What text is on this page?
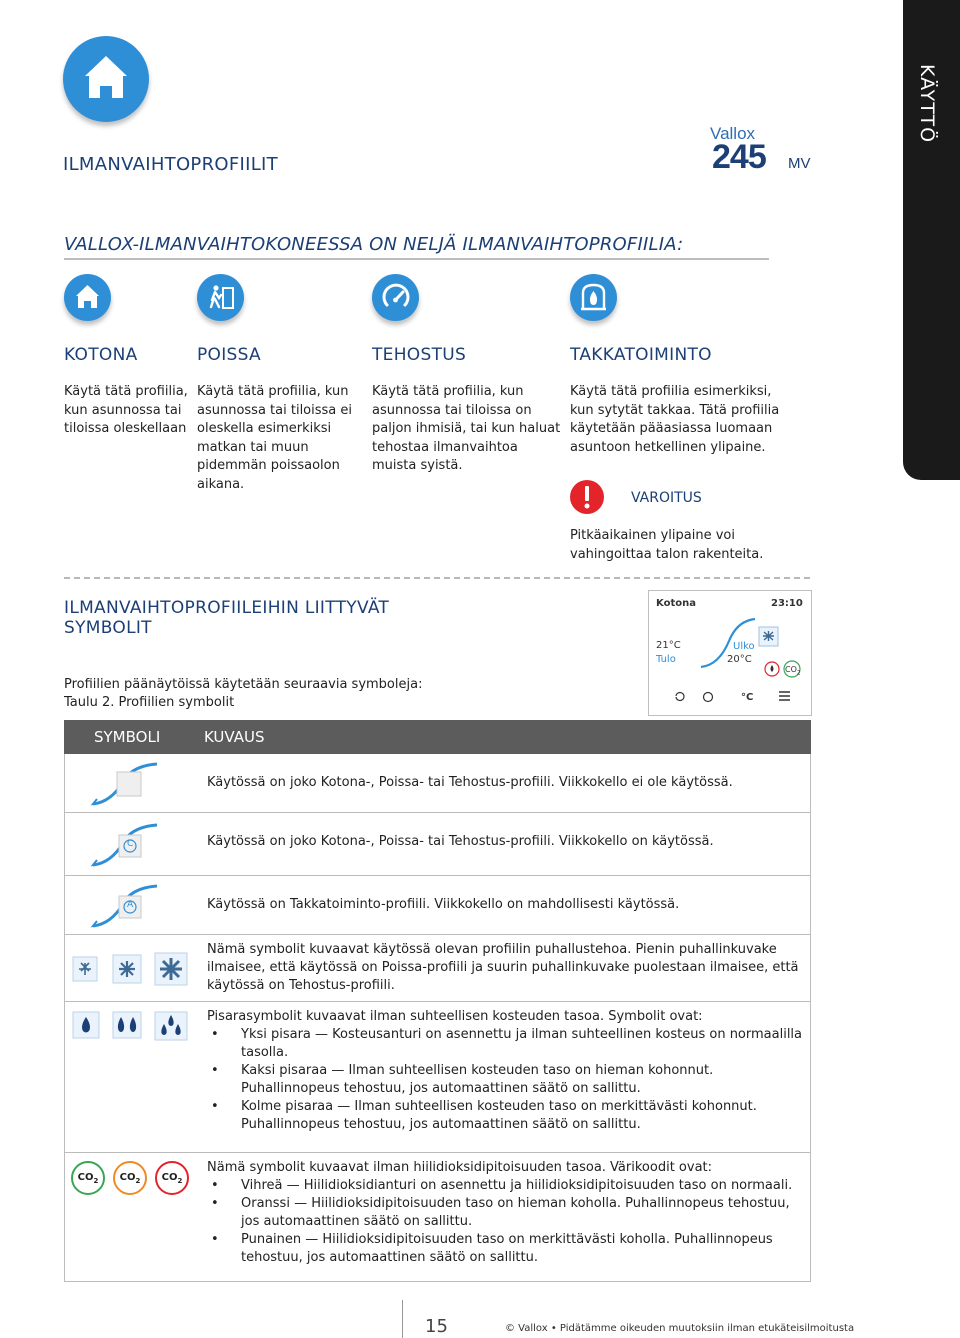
KÄYTTÖ
ILMANVAIHTOPROFIILIT
Vallox
245 MV
VALLOX-ILMANVAIHTOKONEESSA ON NELJÄ ILMANVAIHTOPROFIILIA:
KOTONA	POISSA	TEHOSTUS	TAKKATOIMINTO
Käytä tätä profiilia, kun asunnossa tai tiloissa oleskellaan
Käytä tätä profiilia, kun asunnossa tai tiloissa ei oleskella esimerkiksi matkan tai muun pidemmän poissaolon aikana.
Käytä tätä profiilia, kun asunnossa tai tiloissa on paljon ihmisiä, tai kun haluat tehostaa ilmanvaihtoa muista syistä.
Käytä tätä profiilia esimerkiksi, kun sytytät takkaa. Tätä profiilia käytetään pääasiassa luomaan asuntoon hetkellinen ylipaine.
VAROITUS
Pitkäaikainen ylipaine voi vahingoittaa talon rakenteita.
ILMANVAIHTOPROFIILEIHIN LIITTYVÄT
SYMBOLIT
Profiilien päänäytöissä käytetään seuraavia symboleja:
Taulu 2. Profiilien symbolit
Kotona	23:10
21°C
Tulo
Ulko
20°C
$CO_2$
°C
SYMBOLI	KUVAUS
Käytössä on joko Kotona-, Poissa- tai Tehostus-profiili. Viikkokello ei ole käytössä.
C	Käytössä on joko Kotona-, Poissa- tai Tehostus-profiili. Viikkokello on käytössä.
A	Käytössä on Takkatoiminto-profiili. Viikkokello on mahdollisesti käytössä.
Nämä symbolit kuvaavat käytössä olevan profiilin puhallustehoa. Pienin puhallinkuvake ilmaisee, että käytössä on Poissa-profiili ja suurin puhallinkuvake puolestaan ilmaisee, että käytössä on Tehostus-profiili.

Pisarasymbolit kuvaavat ilman suhteellisen kosteuden tasoa. Symbolit ovat:

• Yksi pisara — Kosteusanturi on asennettu ja ilman suhteellinen kosteus on normaalilla tasolla.
• Kaksi pisaraa — Ilman suhteellisen kosteuden taso on hieman kohonnut. Puhallinnopeus tehostuu, jos automaattinen säätö on sallittu.
• Kolme pisaraa — Ilman suhteellisen kosteuden taso on merkittävästi kohonnut. Puhallinnopeus tehostuu, jos automaattinen säätö on sallittu.
$CO_2$	$CO_2$	$CO_2$

Nämä symbolit kuvaavat ilman hiilidioksidipitoisuuden tasoa. Värikoodit ovat:

• Vihreä — Hiilidioksidianturi on asennettu ja hiilidioksidipitoisuuden taso on normaali.
• Oranssi — Hiilidioksidipitoisuuden taso on hieman koholla. Puhallinnopeus tehostuu, jos automaattinen säätö on sallittu.
• Punainen — Hiilidioksidipitoisuuden taso on merkittävästi koholla. Puhallinnopeus tehostuu, jos automaattinen säätö on sallittu.
15	© Vallox • Pidätämme oikeuden muutoksiin ilman etukäteisilmoitusta
